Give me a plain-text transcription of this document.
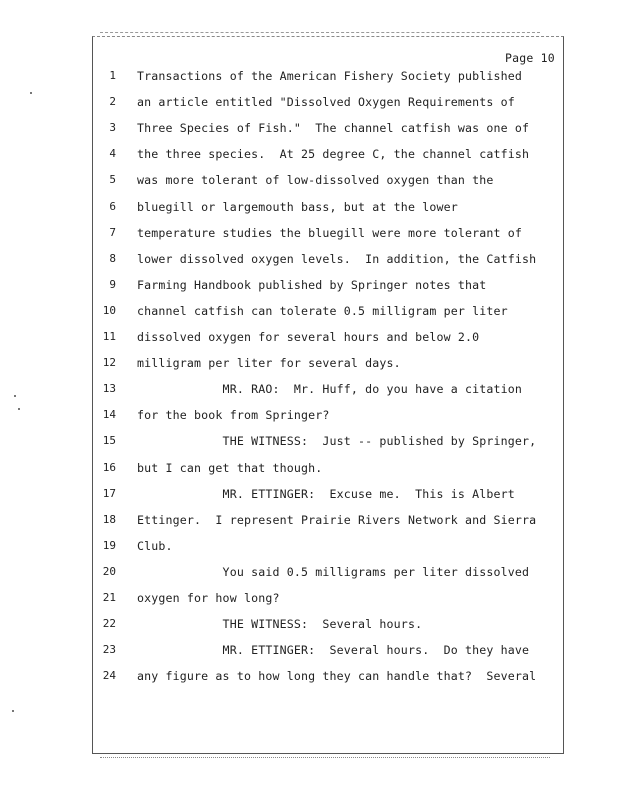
Page 10
1 Transactions of the American Fishery Society published
2 an article entitled "Dissolved Oxygen Requirements of
3 Three Species of Fish."  The channel catfish was one of
4 the three species.  At 25 degree C, the channel catfish
5 was more tolerant of low-dissolved oxygen than the
6 bluegill or largemouth bass, but at the lower
7 temperature studies the bluegill were more tolerant of
8 lower dissolved oxygen levels.  In addition, the Catfish
9 Farming Handbook published by Springer notes that
10 channel catfish can tolerate 0.5 milligram per liter
11 dissolved oxygen for several hours and below 2.0
12 milligram per liter for several days.
13 MR. RAO:  Mr. Huff, do you have a citation
14 for the book from Springer?
15 THE WITNESS:  Just -- published by Springer,
16 but I can get that though.
17 MR. ETTINGER:  Excuse me.  This is Albert
18 Ettinger.  I represent Prairie Rivers Network and Sierra
19 Club.
20 You said 0.5 milligrams per liter dissolved
21 oxygen for how long?
22 THE WITNESS:  Several hours.
23 MR. ETTINGER:  Several hours.  Do they have
24 any figure as to how long they can handle that?  Several
